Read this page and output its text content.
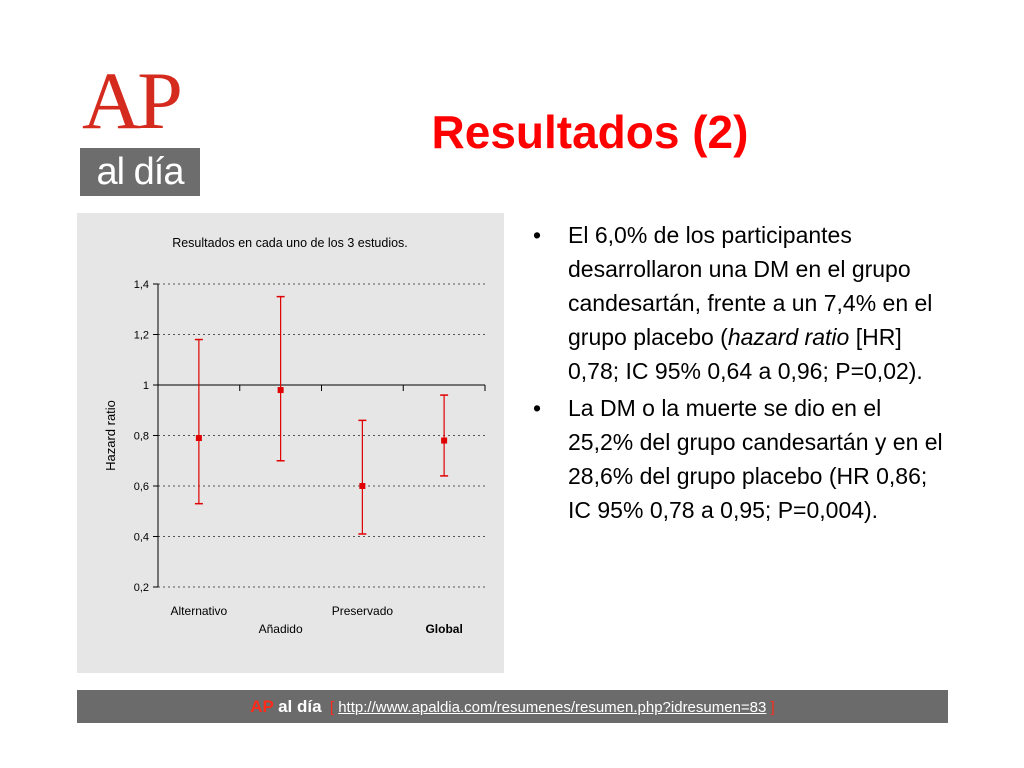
AP
al día
Resultados (2)
Resultados en cada uno de los 3 estudios.
0,2
0,4
0,6
0,8
1
1,2
1,4
Hazard ratio
Alternativo
Añadido
Preservado
Global
• El 6,0% de los participantes desarrollaron una DM en el grupo candesartán, frente a un 7,4% en el grupo placebo (hazard ratio [HR] 0,78; IC 95% 0,64 a 0,96; P=0,02).
• La DM o la muerte se dio en el 25,2% del grupo candesartán y en el 28,6% del grupo placebo (HR 0,86; IC 95% 0,78 a 0,95; P=0,004).
AP al día [ http://www.apaldia.com/resumenes/resumen.php?idresumen=83 ]
